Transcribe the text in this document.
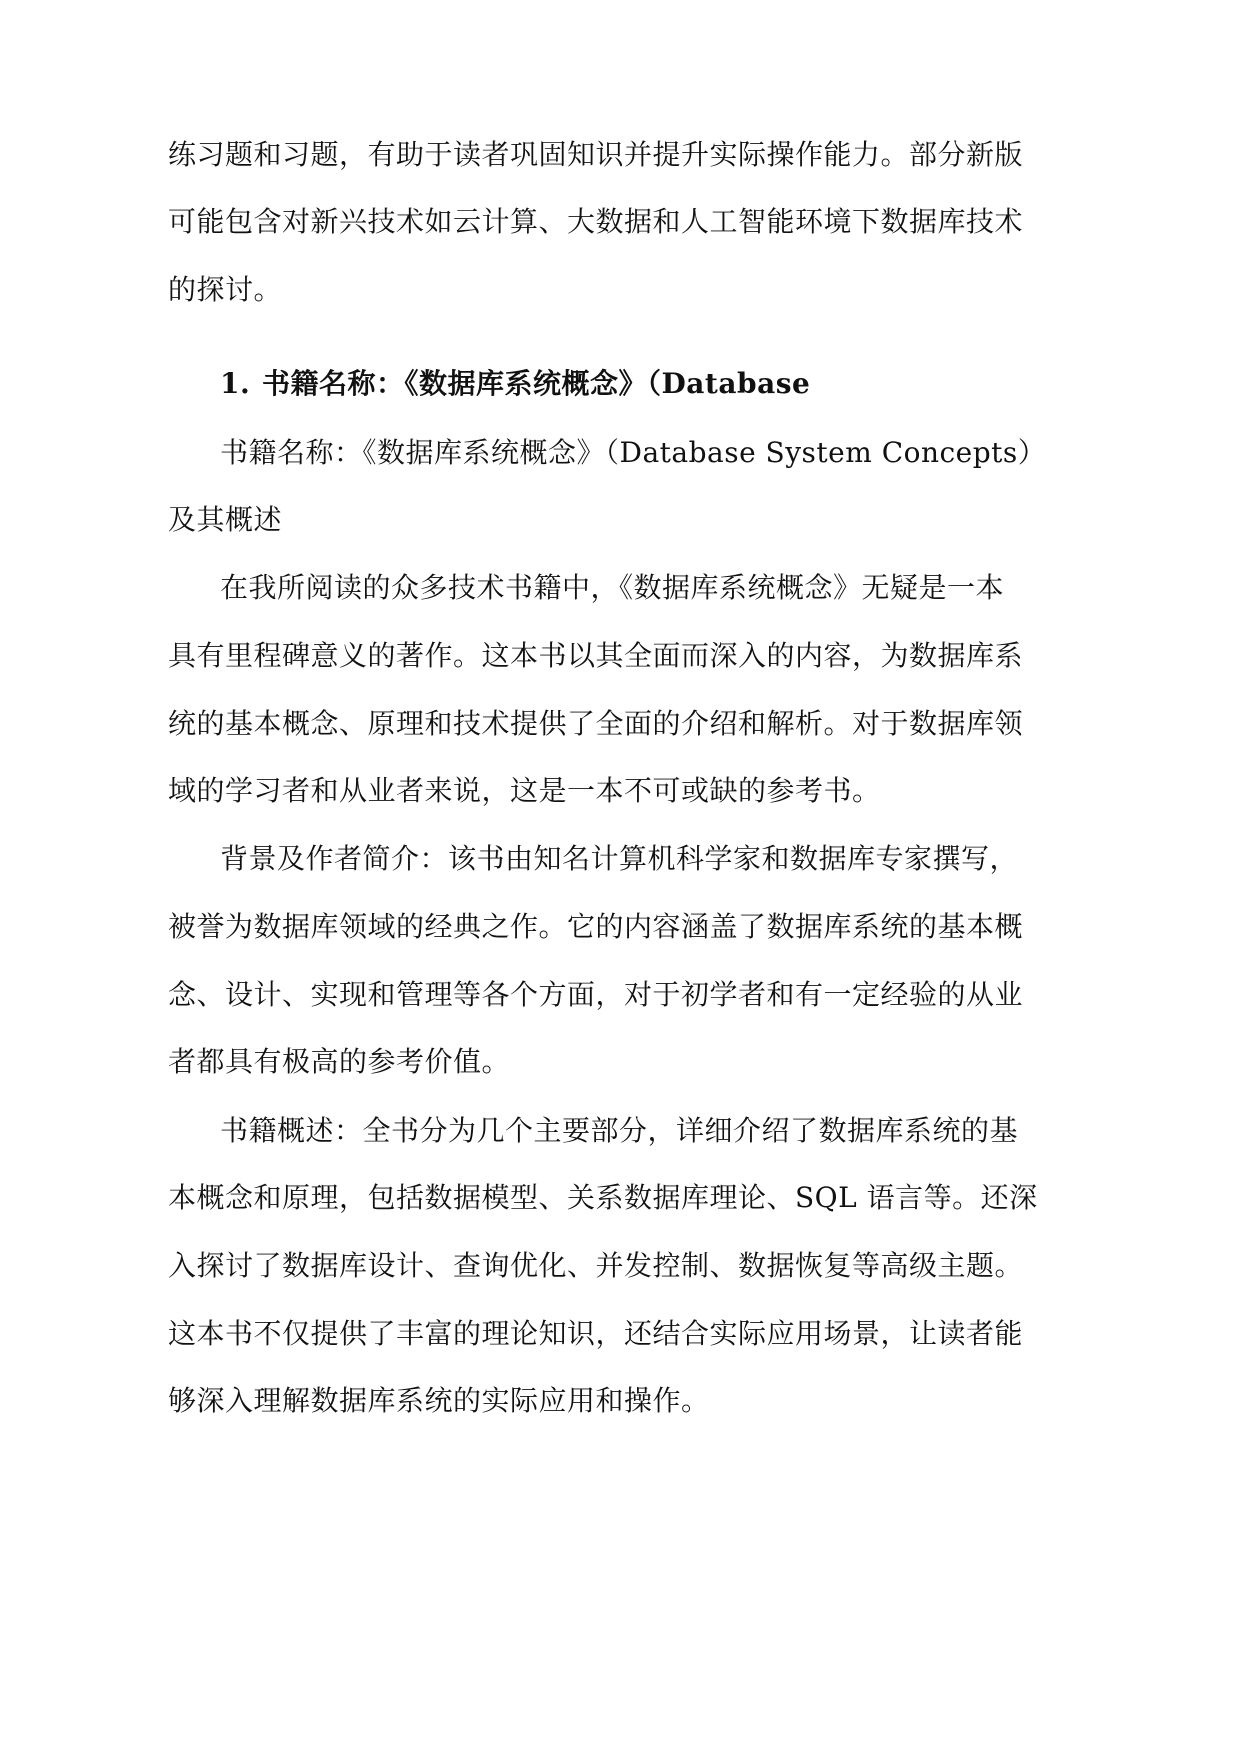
练习题和习题，有助于读者巩固知识并提升实际操作能力。部分新版
可能包含对新兴技术如云计算、大数据和人工智能环境下数据库技术
的探讨。
1. 书籍名称：《数据库系统概念》（Database
书籍名称：《数据库系统概念》（Database System Concepts）
及其概述
在我所阅读的众多技术书籍中，《数据库系统概念》无疑是一本
具有里程碑意义的著作。这本书以其全面而深入的内容，为数据库系
统的基本概念、原理和技术提供了全面的介绍和解析。对于数据库领
域的学习者和从业者来说，这是一本不可或缺的参考书。
背景及作者简介：该书由知名计算机科学家和数据库专家撰写，
被誉为数据库领域的经典之作。它的内容涵盖了数据库系统的基本概
念、设计、实现和管理等各个方面，对于初学者和有一定经验的从业
者都具有极高的参考价值。
书籍概述：全书分为几个主要部分，详细介绍了数据库系统的基
本概念和原理，包括数据模型、关系数据库理论、SQL 语言等。还深
入探讨了数据库设计、查询优化、并发控制、数据恢复等高级主题。
这本书不仅提供了丰富的理论知识，还结合实际应用场景，让读者能
够深入理解数据库系统的实际应用和操作。
